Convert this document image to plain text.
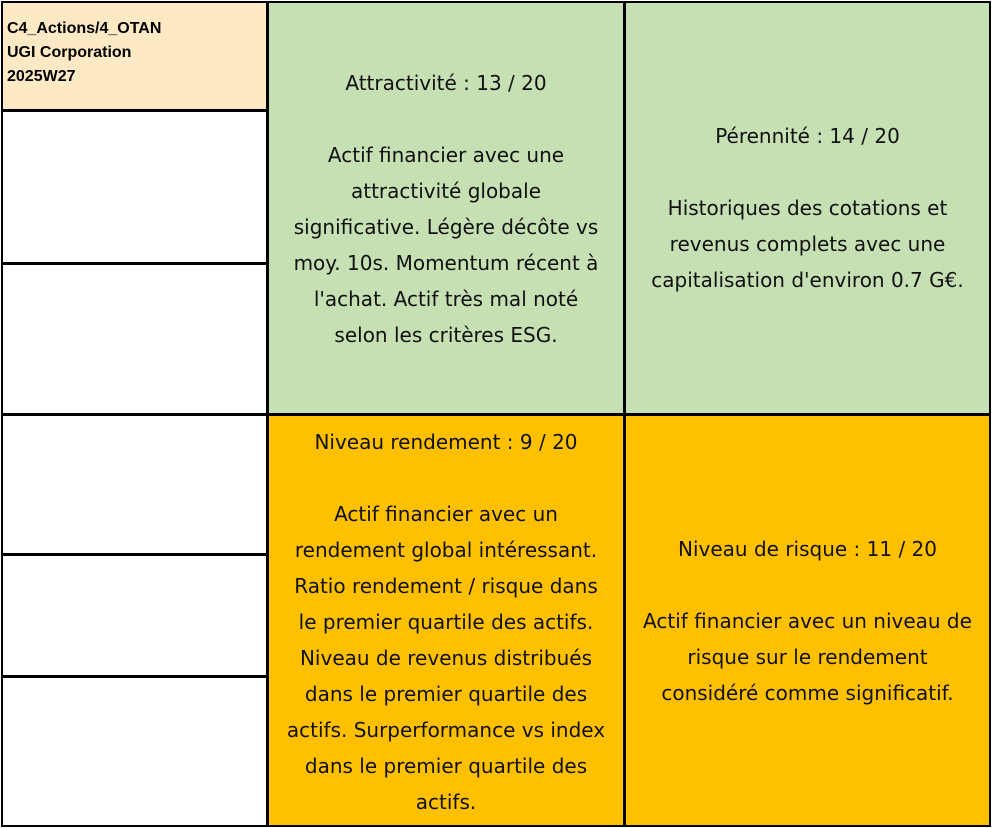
C4_Actions/4_OTAN
UGI Corporation
2025W27	Attractivité : 13 / 20
Actif financier avec une
attractivité globale
significative. Légère décôte vs
moy. 10s. Momentum récent à
l'achat. Actif très mal noté
selon les critères ESG.
Pérennité : 14 / 20
Historiques des cotations et
revenus complets avec une
capitalisation d'environ 0.7 G€.
Niveau rendement : 9 / 20
Actif financier avec un
rendement global intéressant.
Ratio rendement / risque dans
le premier quartile des actifs.
Niveau de revenus distribués
dans le premier quartile des
actifs. Surperformance vs index
dans le premier quartile des
actifs.
Niveau de risque : 11 / 20
Actif financier avec un niveau de
risque sur le rendement
considéré comme significatif.
